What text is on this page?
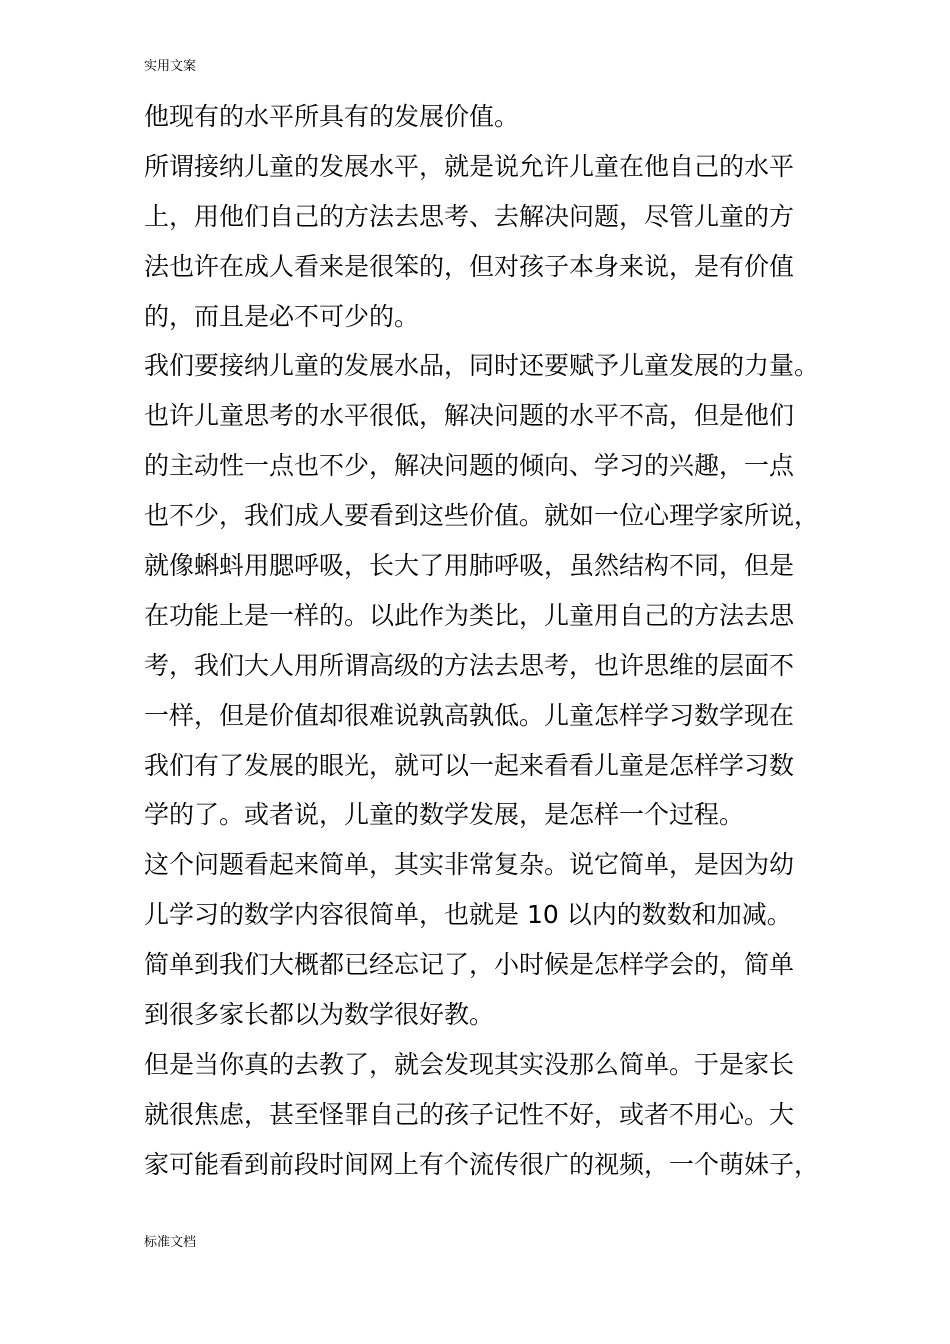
实用文案
他现有的水平所具有的发展价值。
所谓接纳儿童的发展水平，就是说允许儿童在他自己的水平
上，用他们自己的方法去思考、去解决问题，尽管儿童的方
法也许在成人看来是很笨的，但对孩子本身来说，是有价值
的，而且是必不可少的。
我们要接纳儿童的发展水品，同时还要赋予儿童发展的力量。
也许儿童思考的水平很低，解决问题的水平不高，但是他们
的主动性一点也不少，解决问题的倾向、学习的兴趣，一点
也不少，我们成人要看到这些价值。就如一位心理学家所说，
就像蝌蚪用腮呼吸，长大了用肺呼吸，虽然结构不同，但是
在功能上是一样的。以此作为类比，儿童用自己的方法去思
考，我们大人用所谓高级的方法去思考，也许思维的层面不
一样，但是价值却很难说孰高孰低。儿童怎样学习数学现在
我们有了发展的眼光，就可以一起来看看儿童是怎样学习数
学的了。或者说，儿童的数学发展，是怎样一个过程。
这个问题看起来简单，其实非常复杂。说它简单，是因为幼
儿学习的数学内容很简单，也就是 10 以内的数数和加减。
简单到我们大概都已经忘记了，小时候是怎样学会的，简单
到很多家长都以为数学很好教。
但是当你真的去教了，就会发现其实没那么简单。于是家长
就很焦虑，甚至怪罪自己的孩子记性不好，或者不用心。大
家可能看到前段时间网上有个流传很广的视频，一个萌妹子，
标准文档
